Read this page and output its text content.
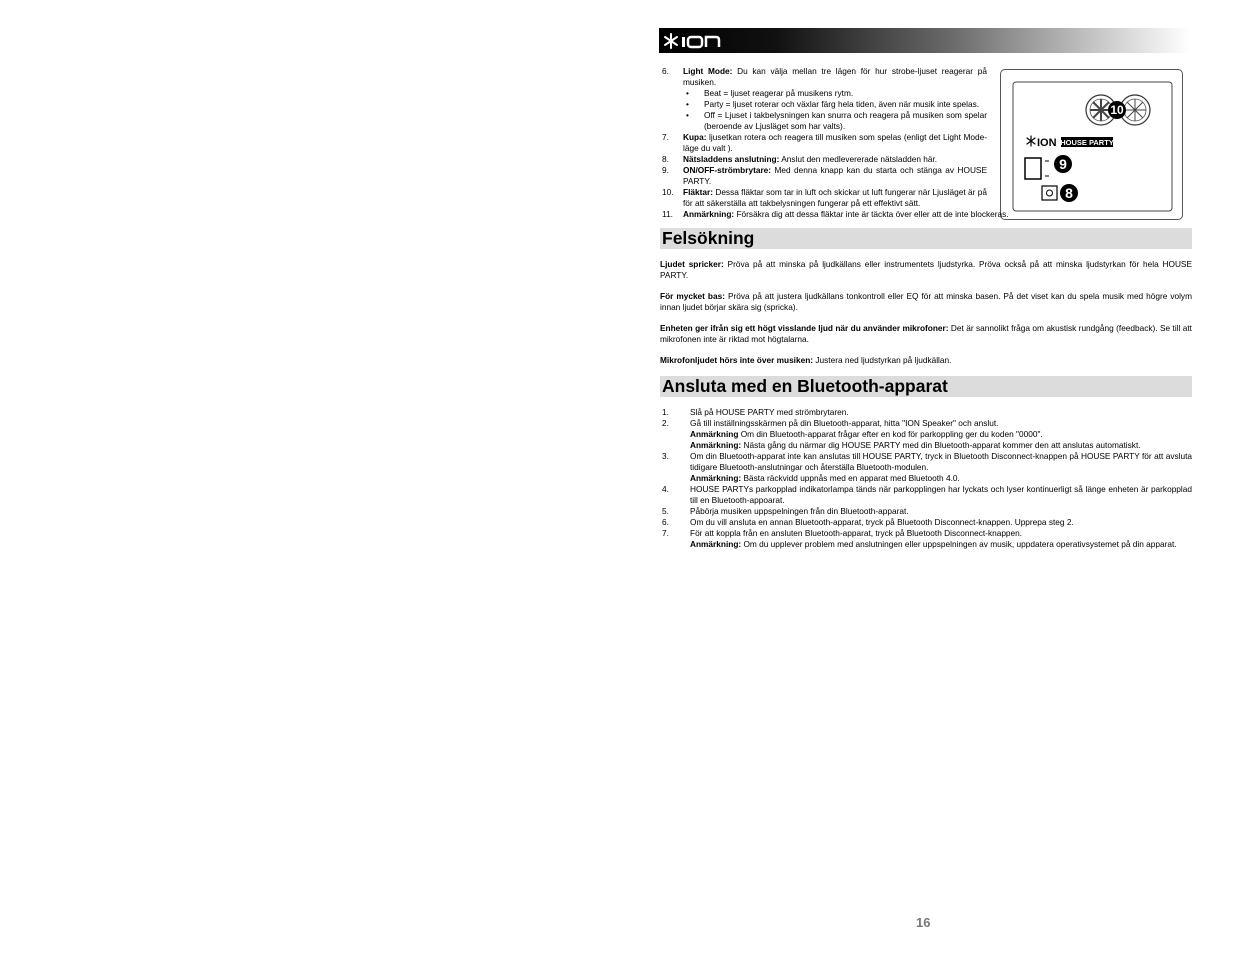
10
ION HOUSE PARTY
9
8
6. Light Mode: Du kan välja mellan tre lägen för hur strobe-ljuset reagerar på musiken.
• Beat = ljuset reagerar på musikens rytm.
• Party = ljuset roterar och växlar färg hela tiden, även när musik inte spelas.
• Off = Ljuset i takbelysningen kan snurra och reagera på musiken som spelar (beroende av Ljusläget som har valts).
7. Kupa: ljusetkan rotera och reagera till musiken som spelas (enligt det Light Mode-läge du valt ).
8. Nätsladdens anslutning: Anslut den medlevererade nätsladden här.
9. ON/OFF-strömbrytare: Med denna knapp kan du starta och stänga av HOUSE PARTY.
10. Fläktar: Dessa fläktar som tar in luft och skickar ut luft fungerar när Ljusläget är på för att säkerställa att takbelysningen fungerar på ett effektivt sätt.
11. Anmärkning: Försäkra dig att dessa fläktar inte är täckta över eller att de inte blockeras.
Felsökning

Ljudet spricker: Pröva på att minska på ljudkällans eller instrumentets ljudstyrka. Pröva också på att minska ljudstyrkan för hela HOUSE PARTY.

För mycket bas: Pröva på att justera ljudkällans tonkontroll eller EQ för att minska basen. På det viset kan du spela musik med högre volym innan ljudet börjar skära sig (spricka).

Enheten ger ifrån sig ett högt visslande ljud när du använder mikrofoner: Det är sannolikt fråga om akustisk rundgång (feedback). Se till att mikrofonen inte är riktad mot högtalarna.

Mikrofonljudet hörs inte över musiken: Justera ned ljudstyrkan på ljudkällan.

Ansluta med en Bluetooth-apparat
1.	Slå på HOUSE PARTY med strömbrytaren.
2.	Gå till inställningsskärmen på din Bluetooth-apparat, hitta "ION Speaker" och anslut.
Anmärkning Om din Bluetooth-apparat frågar efter en kod för parkoppling ger du koden "0000".
Anmärkning: Nästa gång du närmar dig HOUSE PARTY med din Bluetooth-apparat kommer den att anslutas automatiskt.
3.	Om din Bluetooth-apparat inte kan anslutas till HOUSE PARTY, tryck in Bluetooth Disconnect-knappen på HOUSE PARTY för att avsluta tidigare Bluetooth-anslutningar och återställa Bluetooth-modulen.
Anmärkning: Bästa räckvidd uppnås med en apparat med Bluetooth 4.0.
4.	HOUSE PARTYs parkopplad indikatorlampa tänds när parkopplingen har lyckats och lyser kontinuerligt så länge enheten är parkopplad till en Bluetooth-appoarat.
5.	Påbörja musiken uppspelningen från din Bluetooth-apparat.
6.	Om du vill ansluta en annan Bluetooth-apparat, tryck på Bluetooth Disconnect-knappen. Upprepa steg 2.
7.	För att koppla från en ansluten Bluetooth-apparat, tryck på Bluetooth Disconnect-knappen.
Anmärkning: Om du upplever problem med anslutningen eller uppspelningen av musik, uppdatera operativsystemet på din apparat.
16
